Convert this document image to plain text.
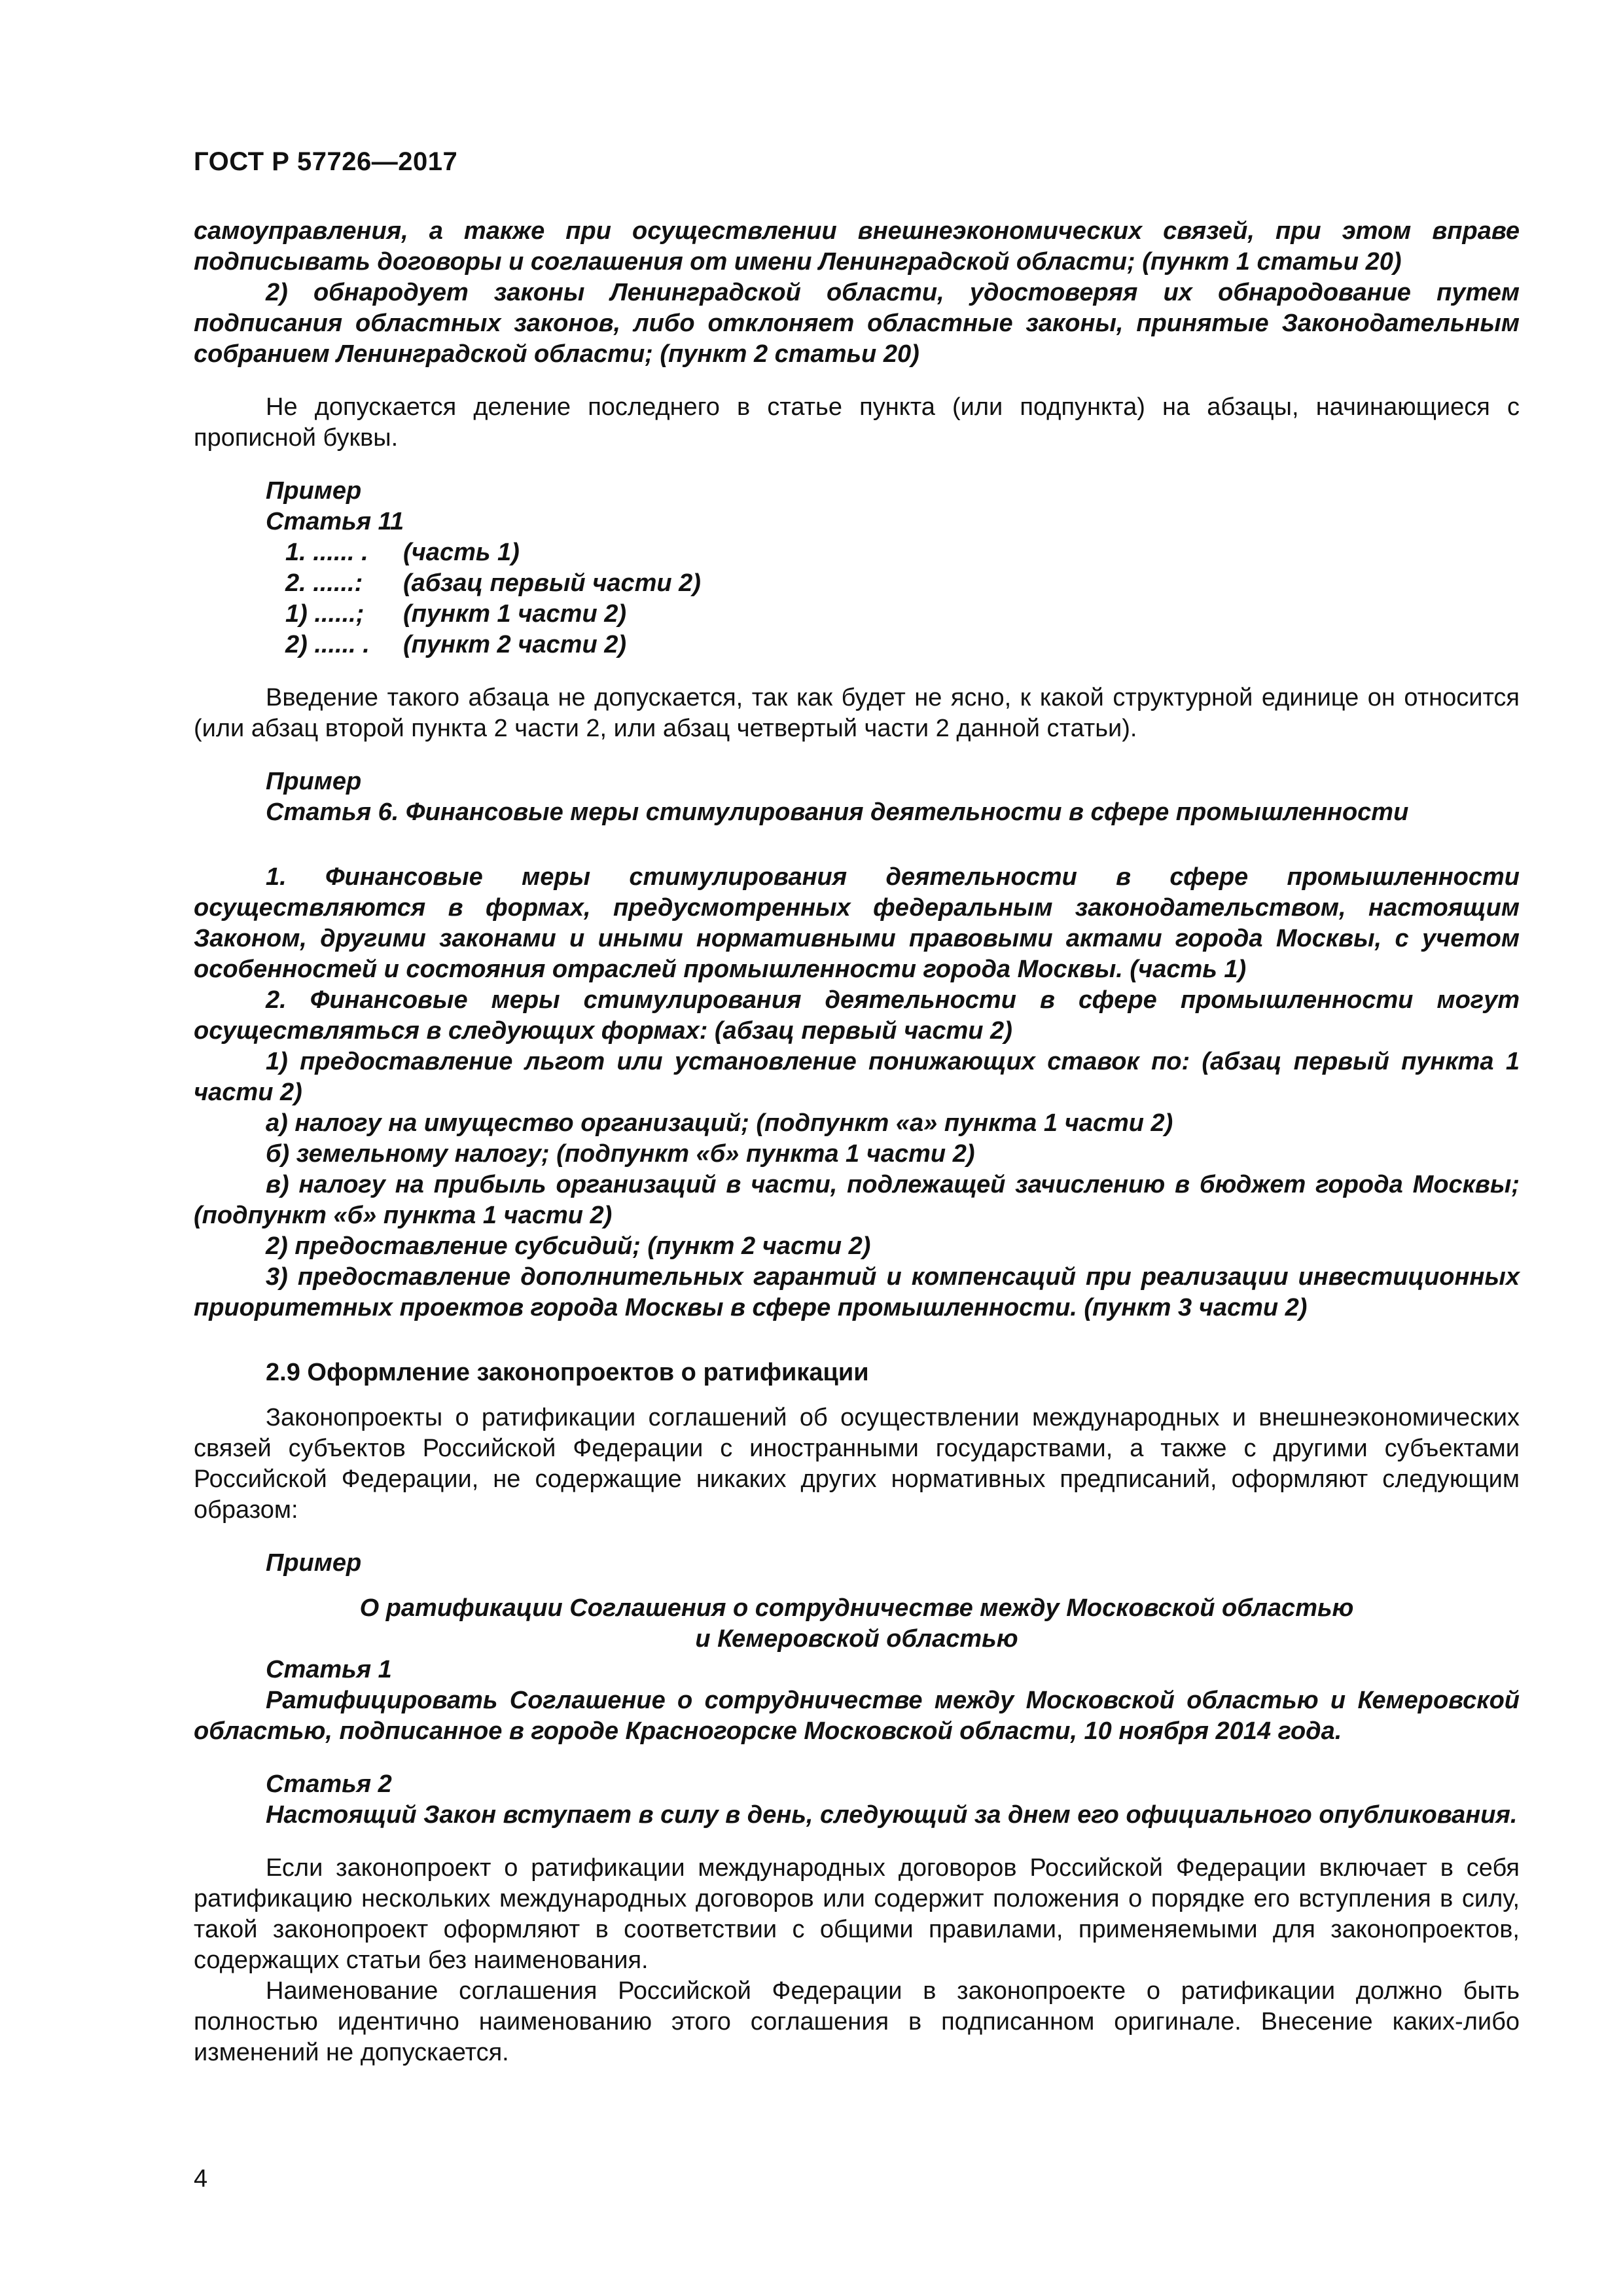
ГОСТ Р 57726—2017

самоуправления, а также при осуществлении внешнеэкономических связей, при этом вправе подписывать договоры и соглашения от имени Ленинградской области; (пункт 1 статьи 20)

2) обнародует законы Ленинградской области, удостоверяя их обнародование путем подписания областных законов, либо отклоняет областные законы, принятые Законодательным собранием Ленинградской области; (пункт 2 статьи 20)

Не допускается деление последнего в статье пункта (или подпункта) на абзацы, начинающиеся с прописной буквы.

Пример
Статья 11
1. ...... .	(часть 1)
2. ......:	(абзац первый части 2)
1) ......;	(пункт 1 части 2)
2) ...... .	(пункт 2 части 2)

Введение такого абзаца не допускается, так как будет не ясно, к какой структурной единице он относится (или абзац второй пункта 2 части 2, или абзац четвертый части 2 данной статьи).

Пример
Статья 6. Финансовые меры стимулирования деятельности в сфере промышленности

1. Финансовые меры стимулирования деятельности в сфере промышленности осуществляются в формах, предусмотренных федеральным законодательством, настоящим Законом, другими законами и иными нормативными правовыми актами города Москвы, с учетом особенностей и состояния отраслей промышленности города Москвы. (часть 1)

2. Финансовые меры стимулирования деятельности в сфере промышленности могут осуществляться в следующих формах: (абзац первый части 2)

1) предоставление льгот или установление понижающих ставок по: (абзац первый пункта 1 части 2)

а) налогу на имущество организаций; (подпункт «а» пункта 1 части 2)

б) земельному налогу; (подпункт «б» пункта 1 части 2)

в) налогу на прибыль организаций в части, подлежащей зачислению в бюджет города Москвы; (подпункт «б» пункта 1 части 2)

2) предоставление субсидий; (пункт 2 части 2)

3) предоставление дополнительных гарантий и компенсаций при реализации инвестиционных приоритетных проектов города Москвы в сфере промышленности. (пункт 3 части 2)

2.9 Оформление законопроектов о ратификации

Законопроекты о ратификации соглашений об осуществлении международных и внешнеэкономических связей субъектов Российской Федерации с иностранными государствами, а также с другими субъектами Российской Федерации, не содержащие никаких других нормативных предписаний, оформляют следующим образом:

Пример
О ратификации Соглашения о сотрудничестве между Московской областью
и Кемеровской областью
Статья 1

Ратифицировать Соглашение о сотрудничестве между Московской областью и Кемеровской областью, подписанное в городе Красногорске Московской области, 10 ноября 2014 года.

Статья 2

Настоящий Закон вступает в силу в день, следующий за днем его официального опубликования.

Если законопроект о ратификации международных договоров Российской Федерации включает в себя ратификацию нескольких международных договоров или содержит положения о порядке его вступления в силу, такой законопроект оформляют в соответствии с общими правилами, применяемыми для законопроектов, содержащих статьи без наименования.

Наименование соглашения Российской Федерации в законопроекте о ратификации должно быть полностью идентично наименованию этого соглашения в подписанном оригинале. Внесение каких-либо изменений не допускается.

4
